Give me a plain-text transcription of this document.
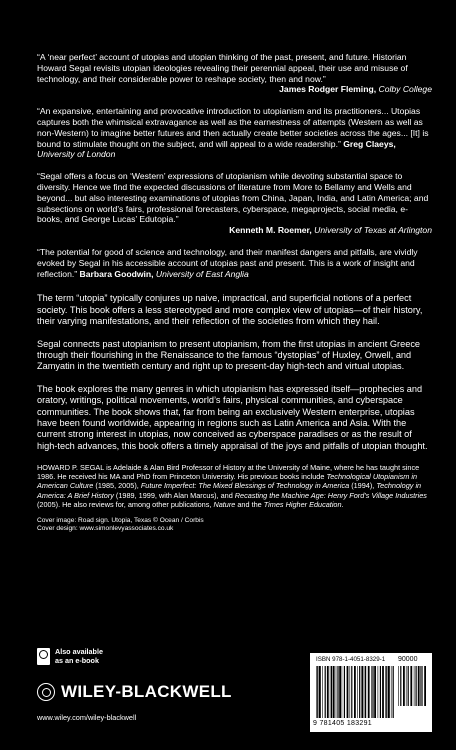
“A ‘near perfect’ account of utopias and utopian thinking of the past, present, and future. Historian Howard Segal revisits utopian ideologies revealing their perennial appeal, their use and misuse of technology, and their considerable power to reshape society, then and now.”
James Rodger Fleming, Colby College

“An expansive, entertaining and provocative introduction to utopianism and its practitioners... Utopias captures both the whimsical extravagance as well as the earnestness of attempts (Western as well as non-Western) to imagine better futures and then actually create better societies across the ages... [It] is bound to stimulate thought on the subject, and will appeal to a wide readership.” Greg Claeys, University of London

“Segal offers a focus on ‘Western’ expressions of utopianism while devoting substantial space to diversity. Hence we find the expected discussions of literature from More to Bellamy and Wells and beyond... but also interesting examinations of utopias from China, Japan, India, and Latin America; and subsections on world’s fairs, professional forecasters, cyberspace, megaprojects, social media, e-books, and George Lucas’ Edutopia.”
Kenneth M. Roemer, University of Texas at Arlington

“The potential for good of science and technology, and their manifest dangers and pitfalls, are vividly evoked by Segal in his accessible account of utopias past and present. This is a work of insight and reflection.” Barbara Goodwin, University of East Anglia

The term “utopia” typically conjures up naive, impractical, and superficial notions of a perfect society. This book offers a less stereotyped and more complex view of utopias—of their history, their varying manifestations, and their reflection of the societies from which they hail.

Segal connects past utopianism to present utopianism, from the first utopias in ancient Greece through their flourishing in the Renaissance to the famous “dystopias” of Huxley, Orwell, and Zamyatin in the twentieth century and right up to present-day high-tech and virtual utopias.

The book explores the many genres in which utopianism has expressed itself—prophecies and oratory, writings, political movements, world’s fairs, physical communities, and cyberspace communities. The book shows that, far from being an exclusively Western enterprise, utopias have been found worldwide, appearing in regions such as Latin America and Asia. With the current strong interest in utopias, now conceived as cyberspace paradises or as the result of high-tech advances, this book offers a timely appraisal of the joys and pitfalls of utopian thought.

HOWARD P. SEGAL is Adelaide & Alan Bird Professor of History at the University of Maine, where he has taught since 1986. He received his MA and PhD from Princeton University. His previous books include Technological Utopianism in American Culture (1985, 2005), Future Imperfect: The Mixed Blessings of Technology in America (1994), Technology in America: A Brief History (1989, 1999, with Alan Marcus), and Recasting the Machine Age: Henry Ford’s Village Industries (2005). He also reviews for, among other publications, Nature and the Times Higher Education.

Cover image: Road sign. Utopia, Texas © Ocean / Corbis
Cover design: www.simonlevyassociates.co.uk

Also available
as an e-book
WILEY-BLACKWELL
www.wiley.com/wiley-blackwell
ISBN 978-1-4051-8329-1 90000
9 781405 183291
